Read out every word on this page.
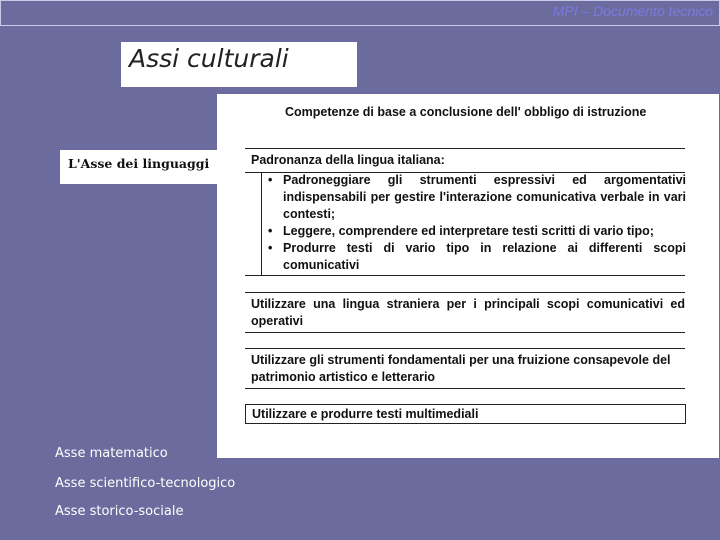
MPI – Documento tecnico
Assi culturali
L'Asse dei linguaggi
Competenze di base a conclusione dell' obbligo di istruzione
Padronanza della lingua italiana:
• Padroneggiare gli strumenti espressivi ed argomentativi indispensabili per gestire l'interazione comunicativa verbale in vari contesti;
• Leggere, comprendere ed interpretare testi scritti di vario tipo;
• Produrre testi di vario tipo in relazione ai differenti scopi comunicativi
Utilizzare una lingua straniera per i principali scopi comunicativi ed operativi
Utilizzare gli strumenti fondamentali per una fruizione consapevole del patrimonio artistico e letterario
Utilizzare e produrre testi multimediali
Asse matematico
Asse scientifico-tecnologico
Asse storico-sociale
